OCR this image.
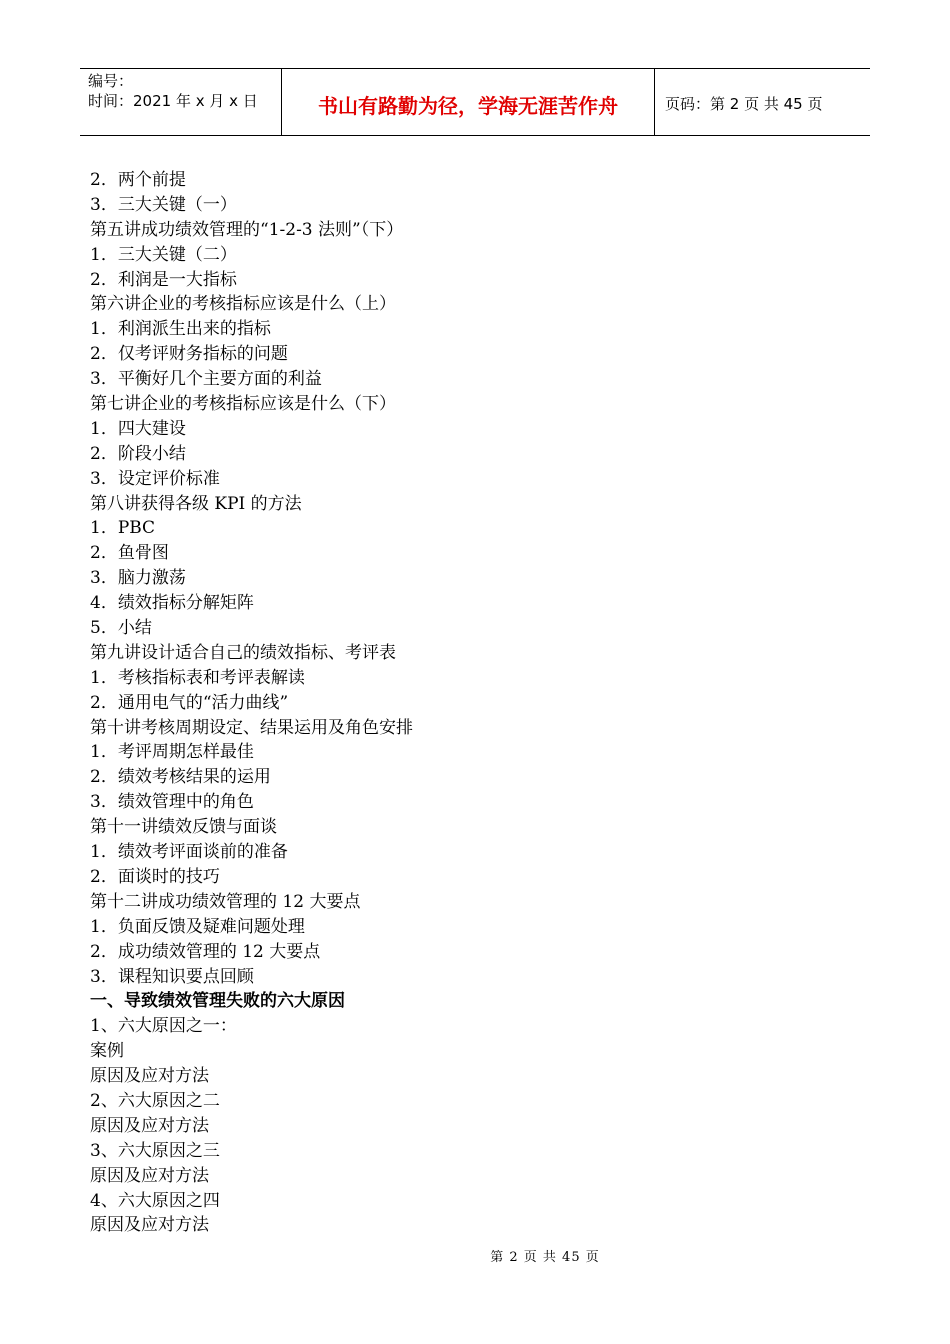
编号：
时间：2021 年 x 月 x 日	书山有路勤为径，学海无涯苦作舟	页码：第 2 页 共 45 页
2．两个前提
3．三大关键（一）
第五讲成功绩效管理的“1-2-3 法则”（下）
1．三大关键（二）
2．利润是一大指标
第六讲企业的考核指标应该是什么（上）
1．利润派生出来的指标
2．仅考评财务指标的问题
3．平衡好几个主要方面的利益
第七讲企业的考核指标应该是什么（下）
1．四大建设
2．阶段小结
3．设定评价标准
第八讲获得各级 KPI 的方法
1．PBC
2．鱼骨图
3．脑力激荡
4．绩效指标分解矩阵
5．小结
第九讲设计适合自己的绩效指标、考评表
1．考核指标表和考评表解读
2．通用电气的“活力曲线”
第十讲考核周期设定、结果运用及角色安排
1．考评周期怎样最佳
2．绩效考核结果的运用
3．绩效管理中的角色
第十一讲绩效反馈与面谈
1．绩效考评面谈前的准备
2．面谈时的技巧
第十二讲成功绩效管理的 12 大要点
1．负面反馈及疑难问题处理
2．成功绩效管理的 12 大要点
3．课程知识要点回顾
一、导致绩效管理失败的六大原因
1、六大原因之一：
案例
原因及应对方法
2、六大原因之二
原因及应对方法
3、六大原因之三
原因及应对方法
4、六大原因之四
原因及应对方法
第 2 页 共 45 页
